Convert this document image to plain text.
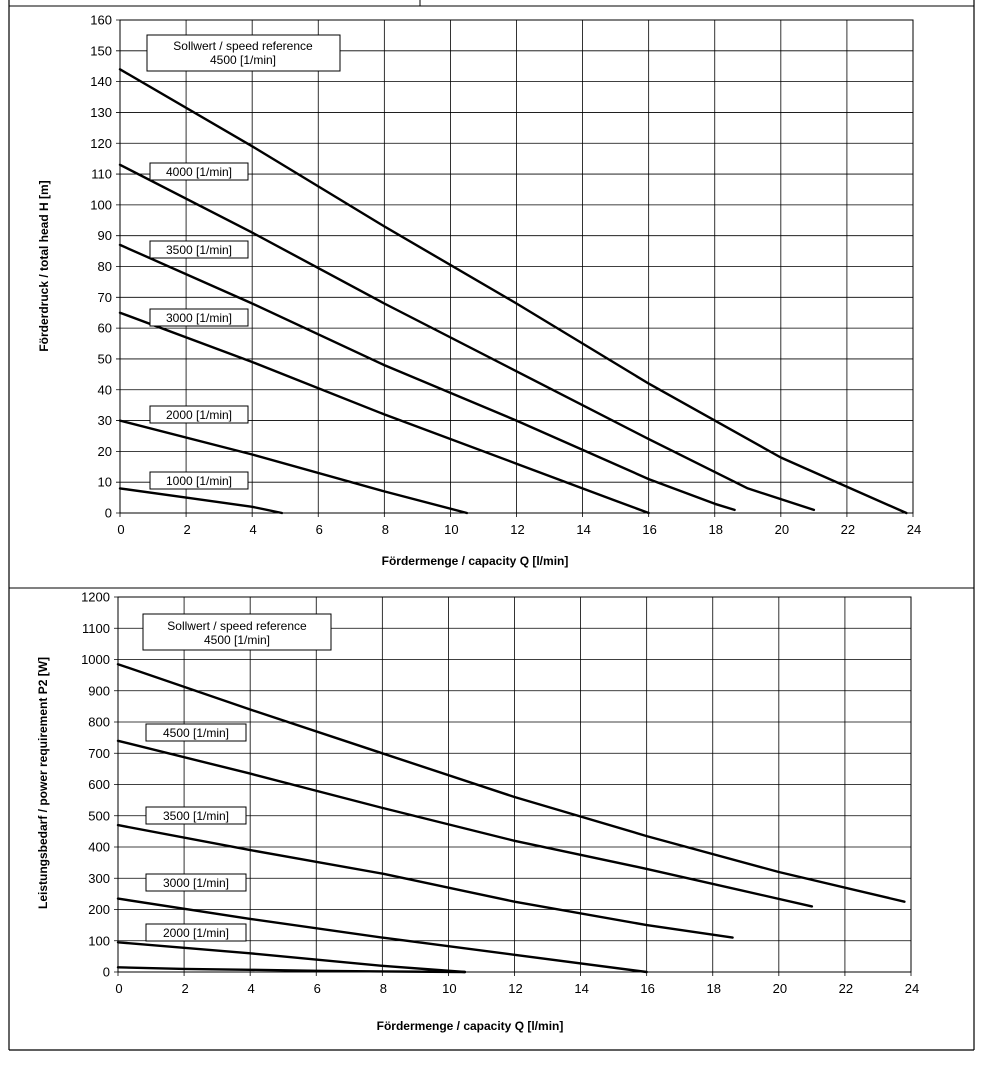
0
10
20
30
40
50
60
70
80
90
100
110
120
130
140
150
160
0	2	4	6	8	10	12	14	16	18	20	22	24
4000 [1/min]
3500 [1/min]
3000 [1/min]
2000 [1/min]
1000 [1/min]
Sollwert / speed reference
4500 [1/min]
Fördermenge / capacity Q [l/min]
Förderdruck / total head H [m]
0
100
200
300
400
500
600
700
800
900
1000
1100
1200
0	2	4	6	8	10	12	14	16	18	20	22	24
4500 [1/min]
3500 [1/min]
3000 [1/min]
2000 [1/min]
Sollwert / speed reference
4500 [1/min]
Fördermenge / capacity Q [l/min]
Leistungsbedarf / power requirement P2 [W]
